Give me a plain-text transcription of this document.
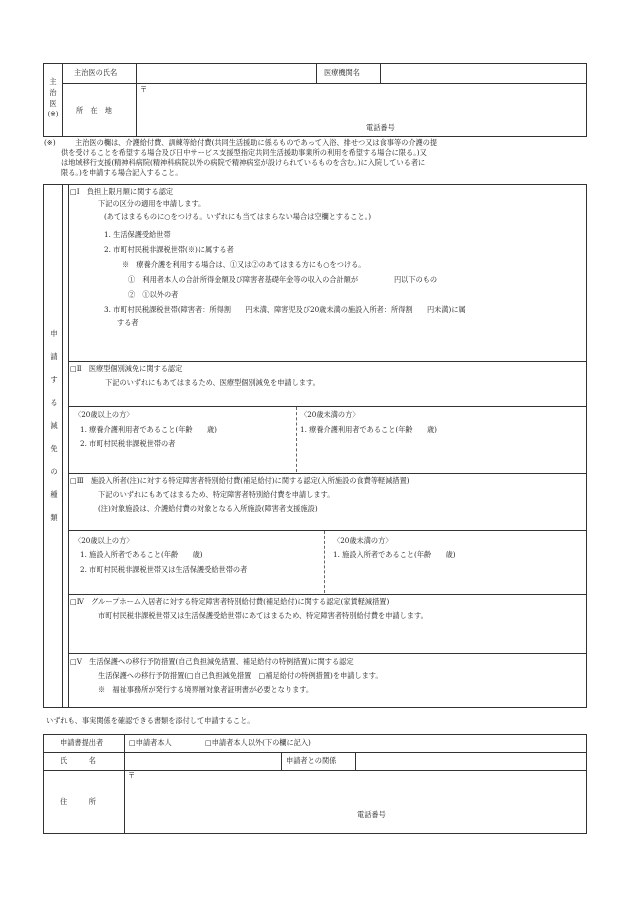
主
治
医
(※)
主治医の氏名	医療機関名
所　在　地
〒
電話番号
(※)	主治医の欄は、介護給付費、訓練等給付費(共同生活援助に係るものであって入浴、排せつ又は食事等の介護の提
供を受けることを希望する場合及び日中サービス支援型指定共同生活援助事業所の利用を希望する場合に限る。)又
は地域移行支援(精神科病院(精神科病院以外の病院で精神病室が設けられているものを含む。)に入院している者に
限る。)を申請する場合記入すること。
申
請
す
る
減
免
の
種
類
□Ⅰ　負担上限月額に関する認定
下記の区分の適用を申請します。
(あてはまるものに○をつける。いずれにも当てはまらない場合は空欄とすること。)
1. 生活保護受給世帯
2. 市町村民税非課税世帯(※)に属する者
※　療養介護を利用する場合は、①又は②のあてはまる方にも○をつける。
①　利用者本人の合計所得金額及び障害者基礎年金等の収入の合計額が　　　　　円以下のもの
②　①以外の者
3. 市町村民税課税世帯(障害者：所得割　　円未満、障害児及び20歳未満の施設入所者：所得割　　円未満)に属
する者
□Ⅱ　医療型個別減免に関する認定
下記のいずれにもあてはまるため、医療型個別減免を申請します。
〈20歳以上の方〉
1. 療養介護利用者であること(年齢　　歳)
2. 市町村民税非課税世帯の者
〈20歳未満の方〉
1. 療養介護利用者であること(年齢　　歳)
□Ⅲ　施設入所者(注)に対する特定障害者特別給付費(補足給付)に関する認定(入所施設の食費等軽減措置)
下記のいずれにもあてはまるため、特定障害者特別給付費を申請します。
(注)対象施設は、介護給付費の対象となる入所施設(障害者支援施設)
〈20歳以上の方〉
1. 施設入所者であること(年齢　　歳)
2. 市町村民税非課税世帯又は生活保護受給世帯の者
〈20歳未満の方〉
1. 施設入所者であること(年齢　　歳)
□Ⅳ　グループホーム入居者に対する特定障害者特別給付費(補足給付)に関する認定(家賃軽減措置)
市町村民税非課税世帯又は生活保護受給世帯にあてはまるため、特定障害者特別給付費を申請します。
□Ⅴ　生活保護への移行予防措置(自己負担減免措置、補足給付の特例措置)に関する認定
生活保護への移行予防措置(□自己負担減免措置　□補足給付の特例措置)を申請します。
※　福祉事務所が発行する境界層対象者証明書が必要となります。
いずれも、事実関係を確認できる書類を添付して申請すること。
申請書提出者	□申請者本人	□申請者本人以外(下の欄に記入)
氏　　　名	申請者との関係
住　　　所
〒
電話番号
